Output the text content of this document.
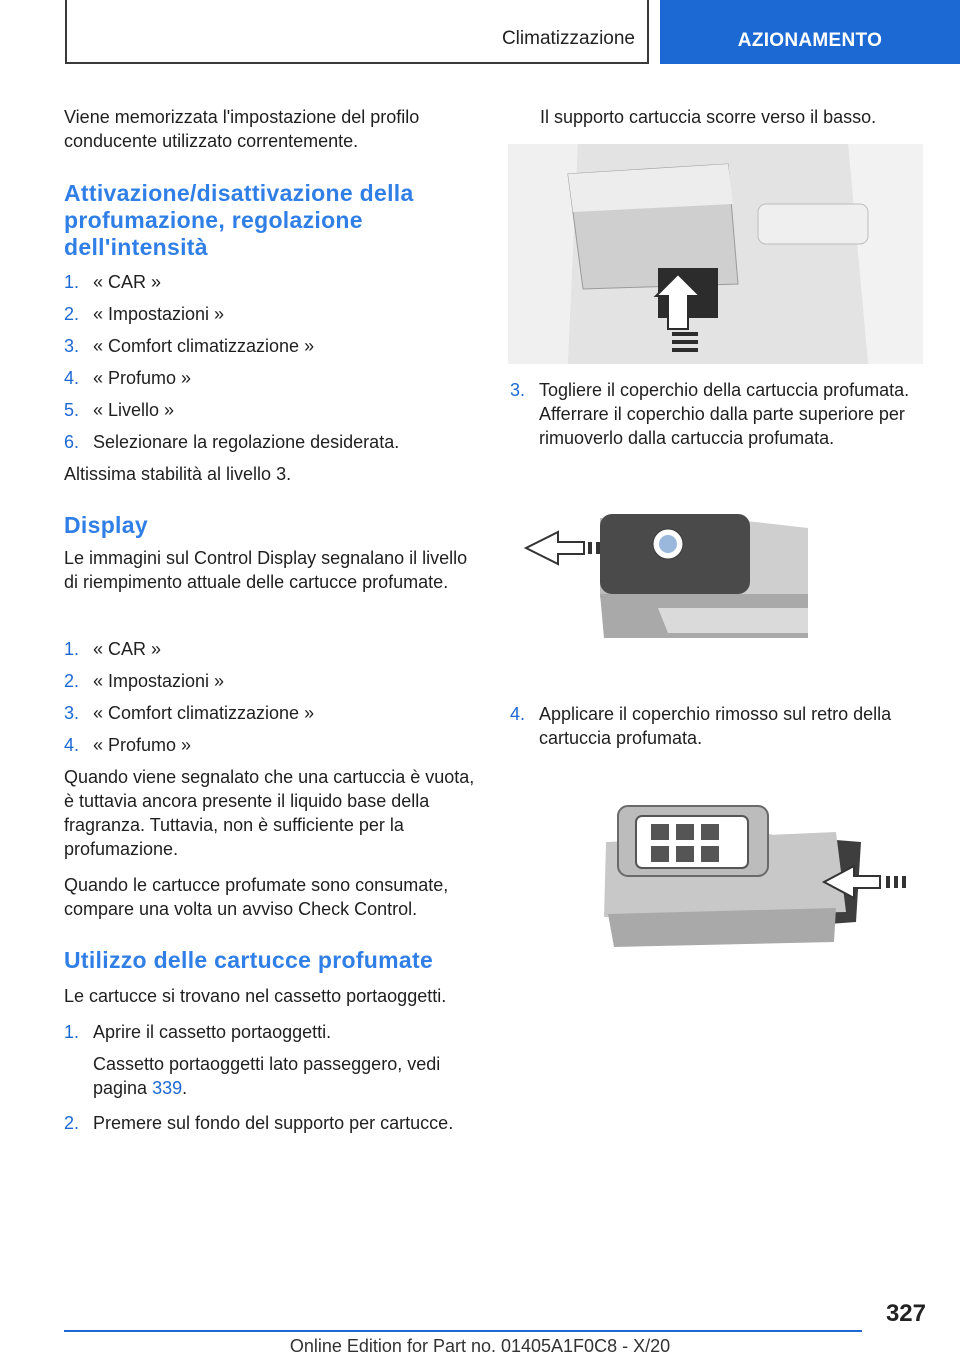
Climatizzazione	AZIONAMENTO

Viene memorizzata l'impostazione del profilo conducente utilizzato correntemente.

Attivazione/disattivazione della profumazione, regolazione dell'intensità
1. « CAR »
2. « Impostazioni »
3. « Comfort climatizzazione »
4. « Profumo »
5. « Livello »
6. Selezionare la regolazione desiderata.

Altissima stabilità al livello 3.

Display

Le immagini sul Control Display segnalano il livello di riempimento attuale delle cartucce profumate.

1. « CAR »
2. « Impostazioni »
3. « Comfort climatizzazione »
4. « Profumo »

Quando viene segnalato che una cartuccia è vuota, è tuttavia ancora presente il liquido base della fragranza. Tuttavia, non è sufficiente per la profumazione.

Quando le cartucce profumate sono consumate, compare una volta un avviso Check Control.

Utilizzo delle cartucce profumate

Le cartucce si trovano nel cassetto portaoggetti.

1. Aprire il cassetto portaoggetti.
Cassetto portaoggetti lato passeggero, vedi pagina 339.
2. Premere sul fondo del supporto per cartucce.

Il supporto cartuccia scorre verso il basso.

3. Togliere il coperchio della cartuccia profumata. Afferrare il coperchio dalla parte superiore per rimuoverlo dalla cartuccia profumata.
4. Applicare il coperchio rimosso sul retro della cartuccia profumata.
327
Online Edition for Part no. 01405A1F0C8 - X/20
